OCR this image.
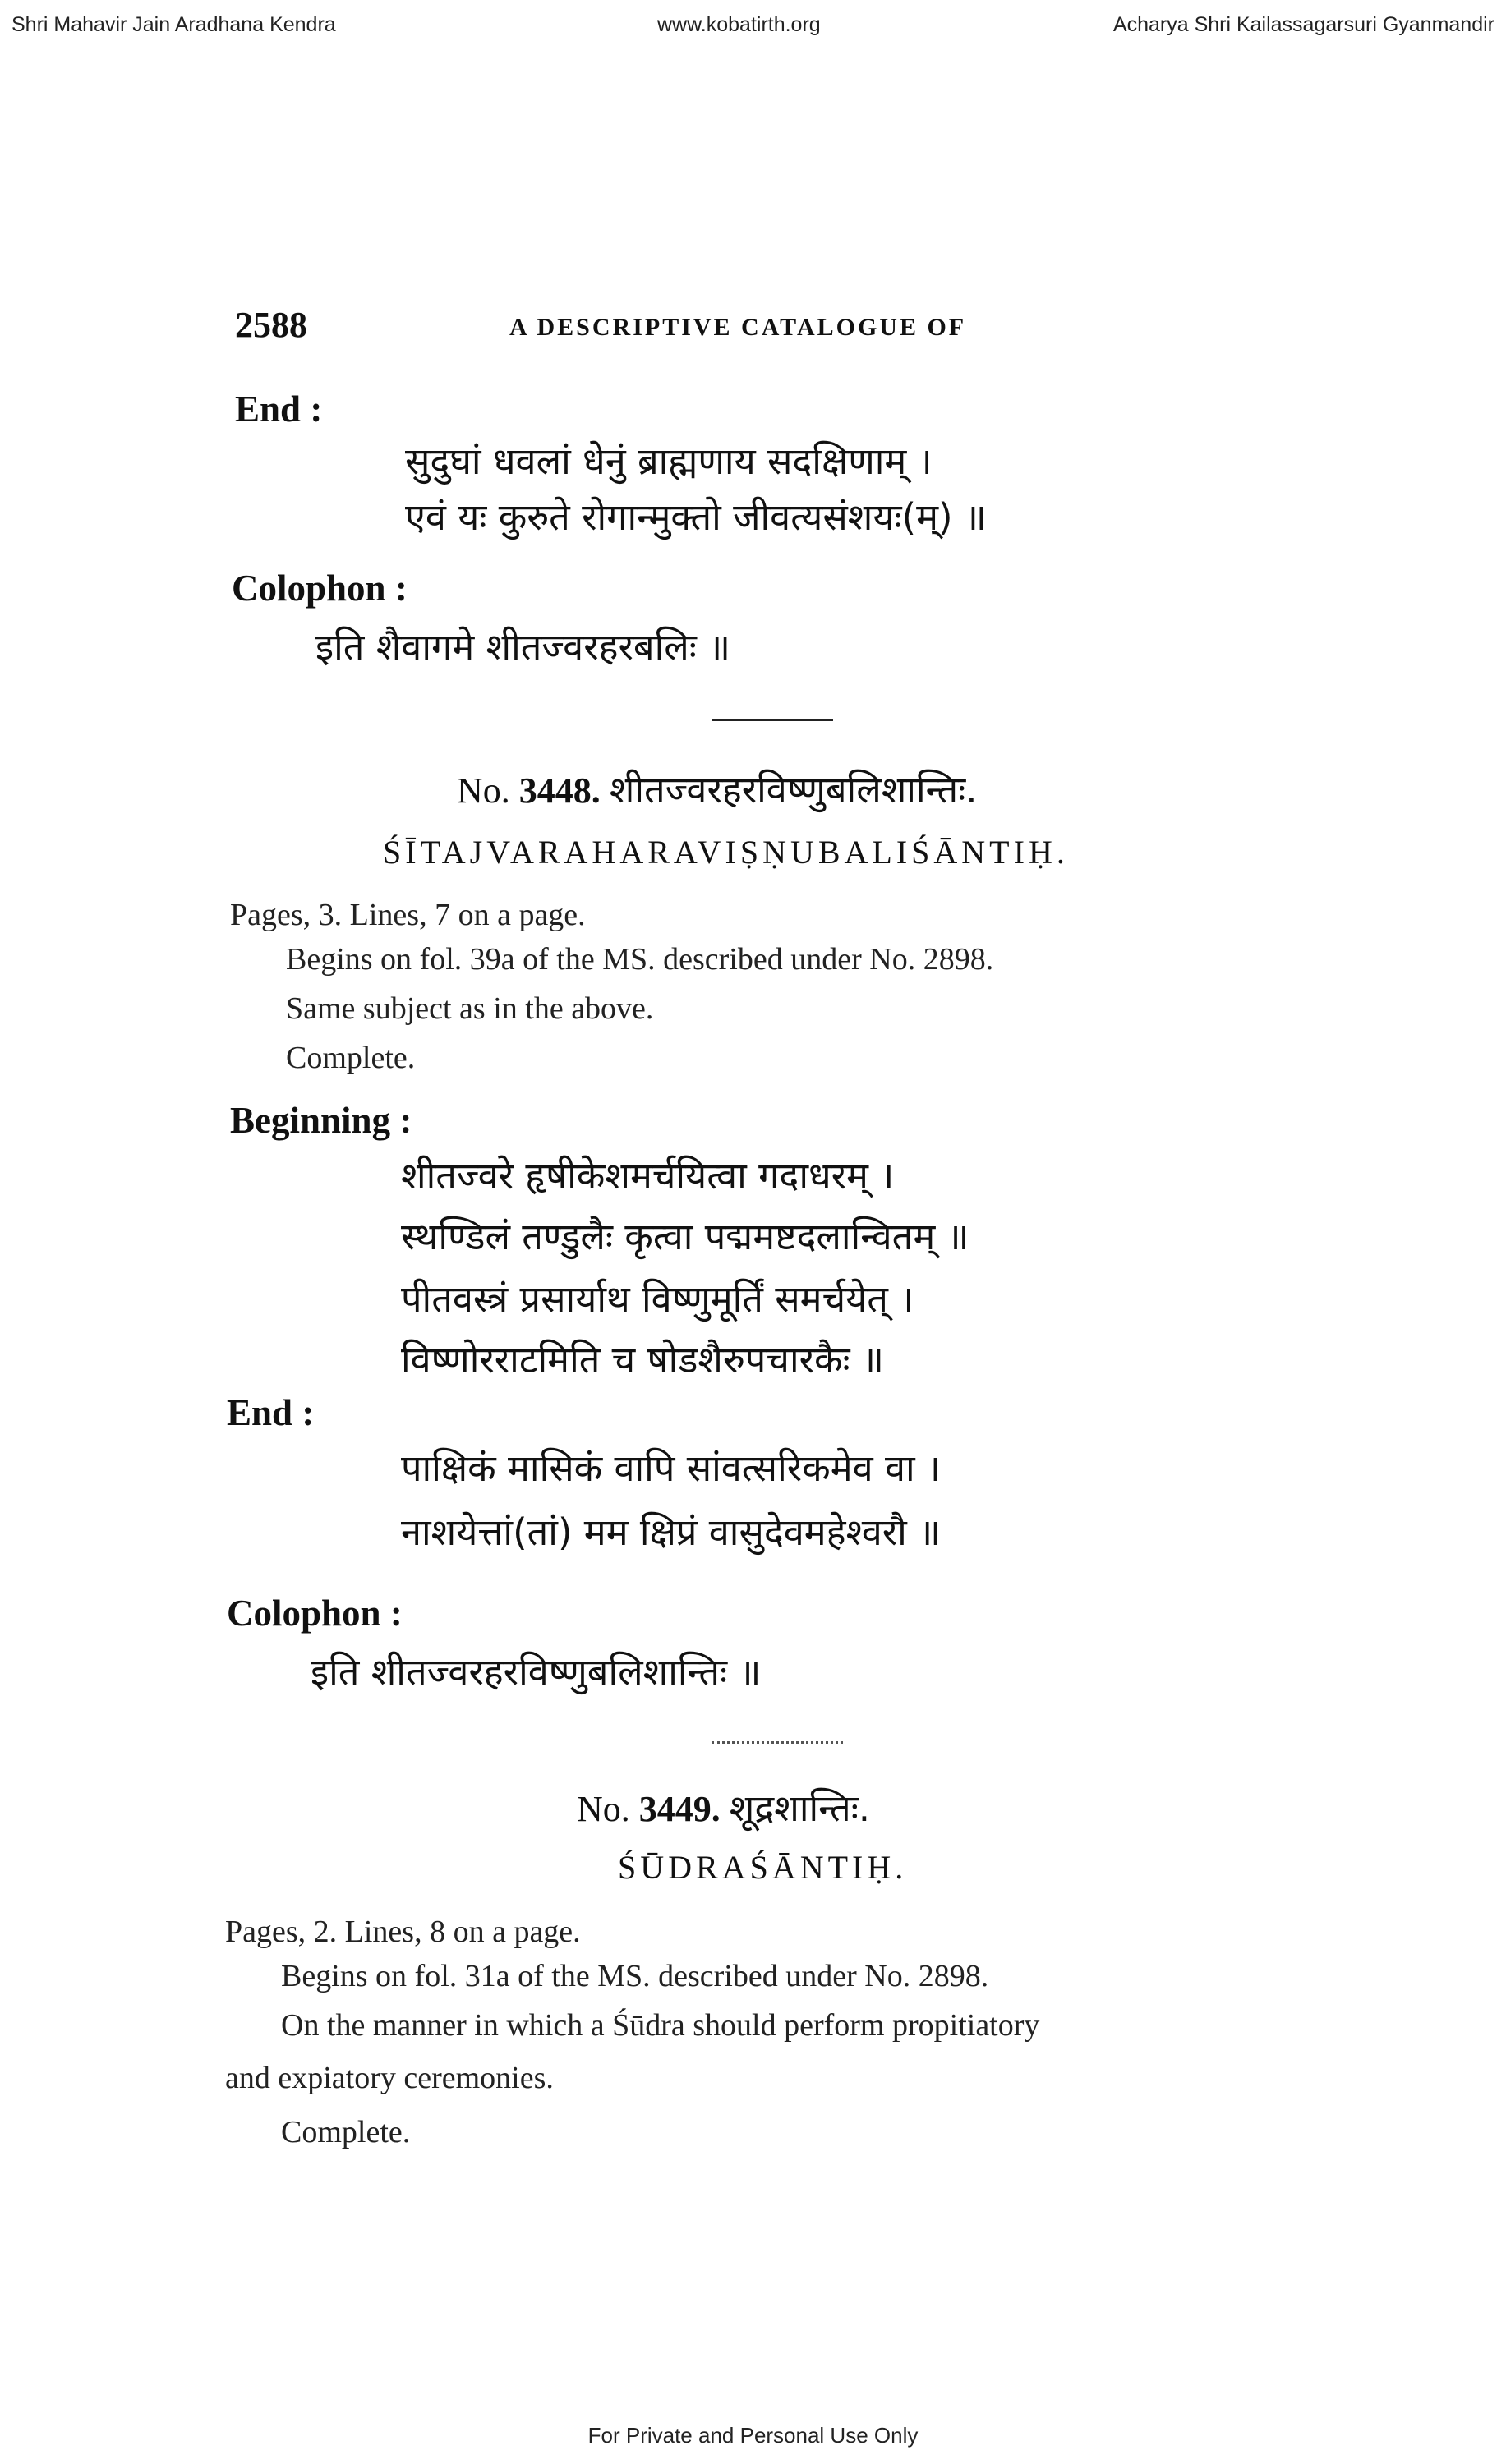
Shri Mahavir Jain Aradhana Kendra	www.kobatirth.org	Acharya Shri Kailassagarsuri Gyanmandir
2588	A DESCRIPTIVE CATALOGUE OF
End :
सुदुघां धवलां धेनुं ब्राह्मणाय सदक्षिणाम् ।
एवं यः कुरुते रोगान्मुक्तो जीवत्यसंशयः(म्) ॥
Colophon :
इति शैवागमे शीतज्वरहरबलिः ॥
No. 3448. शीतज्वरहरविष्णुबलिशान्तिः.
ŚĪTAJVARAHARAVIṢṆUBALIŚĀNTIḤ.
Pages, 3. Lines, 7 on a page.
Begins on fol. 39a of the MS. described under No. 2898.
Same subject as in the above.
Complete.
Beginning :
शीतज्वरे हृषीकेशमर्चयित्वा गदाधरम् ।
स्थण्डिलं तण्डुलैः कृत्वा पद्ममष्टदलान्वितम् ॥
पीतवस्त्रं प्रसार्याथ विष्णुमूर्तिं समर्चयेत् ।
विष्णोरराटमिति च षोडशैरुपचारकैः ॥
End :
पाक्षिकं मासिकं वापि सांवत्सरिकमेव वा ।
नाशयेत्तां(तां) मम क्षिप्रं वासुदेवमहेश्वरौ ॥
Colophon :
इति शीतज्वरहरविष्णुबलिशान्तिः ॥
No. 3449. शूद्रशान्तिः.
ŚŪDRAŚĀNTIḤ.
Pages, 2. Lines, 8 on a page.
Begins on fol. 31a of the MS. described under No. 2898.
On the manner in which a Śūdra should perform propitiatory
and expiatory ceremonies.
Complete.
For Private and Personal Use Only
